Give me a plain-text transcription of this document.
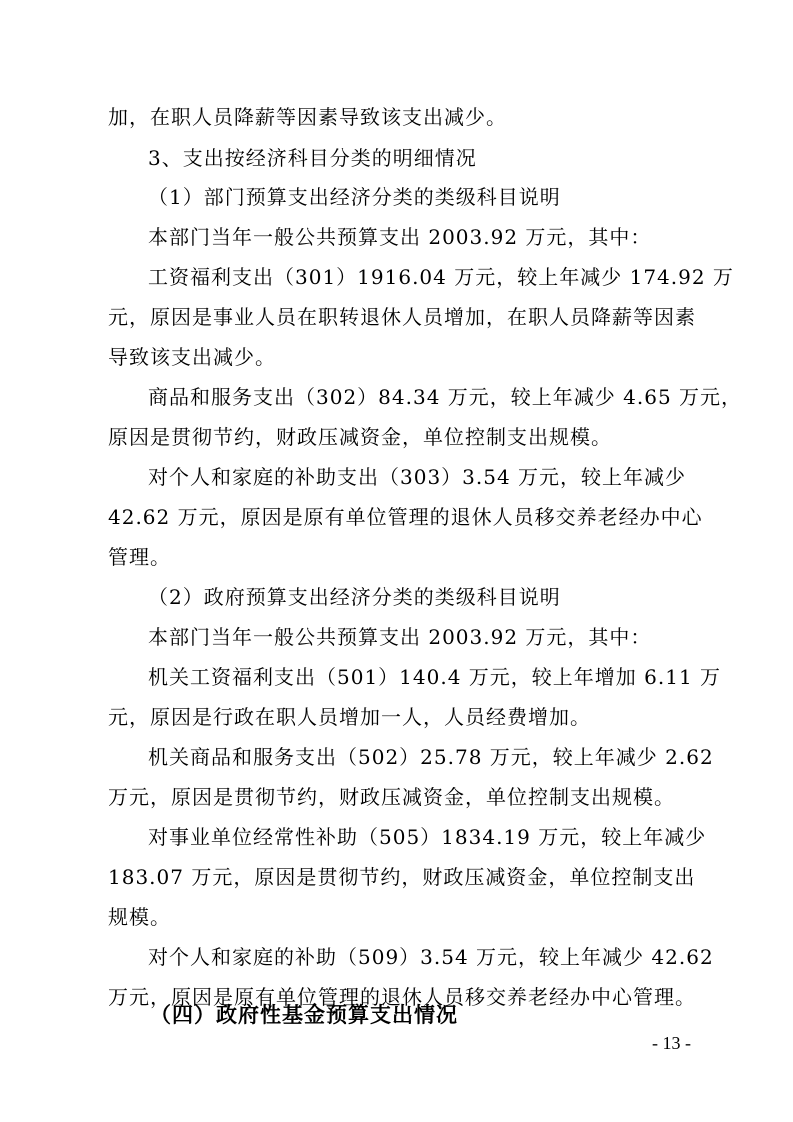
加，在职人员降薪等因素导致该支出减少。
3、支出按经济科目分类的明细情况
（1）部门预算支出经济分类的类级科目说明
本部门当年一般公共预算支出 2003.92 万元，其中：
工资福利支出（301）1916.04 万元，较上年减少 174.92 万
元，原因是事业人员在职转退休人员增加，在职人员降薪等因素
导致该支出减少。
商品和服务支出（302）84.34 万元，较上年减少 4.65 万元，
原因是贯彻节约，财政压减资金，单位控制支出规模。
对个人和家庭的补助支出（303）3.54 万元，较上年减少
42.62 万元，原因是原有单位管理的退休人员移交养老经办中心
管理。
（2）政府预算支出经济分类的类级科目说明
本部门当年一般公共预算支出 2003.92 万元，其中：
机关工资福利支出（501）140.4 万元，较上年增加 6.11 万
元，原因是行政在职人员增加一人，人员经费增加。
机关商品和服务支出（502）25.78 万元，较上年减少 2.62
万元，原因是贯彻节约，财政压减资金，单位控制支出规模。
对事业单位经常性补助（505）1834.19 万元，较上年减少
183.07 万元，原因是贯彻节约，财政压减资金，单位控制支出
规模。
对个人和家庭的补助（509）3.54 万元，较上年减少 42.62
万元，原因是原有单位管理的退休人员移交养老经办中心管理。
（四）政府性基金预算支出情况
- 13 -
